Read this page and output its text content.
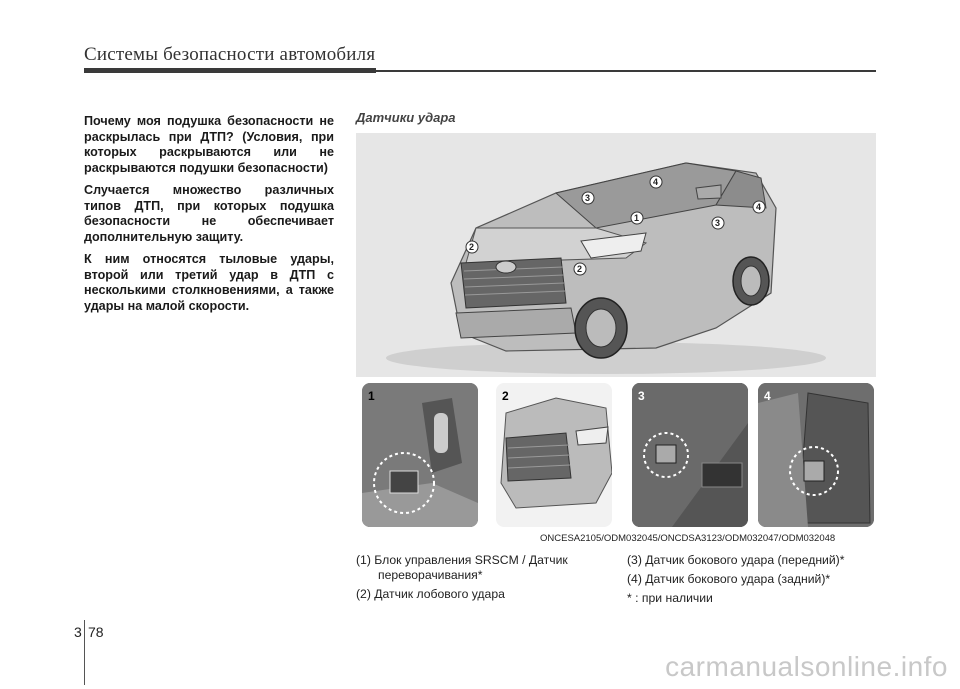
Системы безопасности автомобиля

Почему моя подушка безопасности не раскрылась при ДТП? (Условия, при которых раскрываются или не раскрываются подушки безопасности)

Случается множество различных типов ДТП, при которых подушка безопасности не обеспечивает дополнительную защиту.

К ним относятся тыловые удары, второй или третий удар в ДТП с несколькими столкновениями, а также удары на малой скорости.

Датчики удара
1
2
2
3
3
4
4
1	2	3	4
ONCESA2105/ODM032045/ONCDSA3123/ODM032047/ODM032048
(1) Блок управления SRSCM / Датчик
переворачивания*
(2) Датчик лобового удара
(3) Датчик бокового удара (передний)*
(4) Датчик бокового удара (задний)*
* : при наличии
3 78
carmanualsonline.info
